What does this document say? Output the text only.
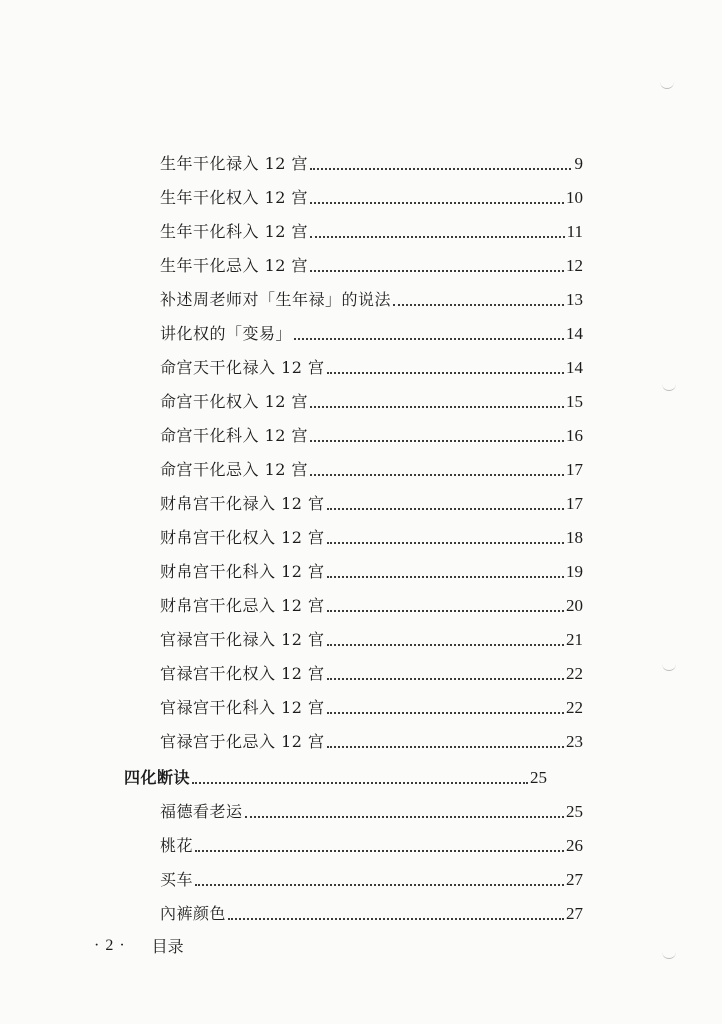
生年干化禄入 12 宫	9
生年干化权入 12 宫	10
生年干化科入 12 宫	11
生年干化忌入 12 宫	12
补述周老师对「生年禄」的说法	13
讲化权的「变易」	14
命宫天干化禄入 12 宫	14
命宫干化权入 12 宫	15
命宫干化科入 12 宫	16
命宫干化忌入 12 宫	17
财帛宫干化禄入 12 官	17
财帛宫干化权入 12 宫	18
财帛宫干化科入 12 宫	19
财帛宫干化忌入 12 宫	20
官禄宫干化禄入 12 官	21
官禄宫干化权入 12 宫	22
官禄宫干化科入 12 宫	22
官禄宫于化忌入 12 宫	23
四化断诀	25
福德看老运	25
桃花	26
买车	27
內裤颜色	27
· 2 · 目录
